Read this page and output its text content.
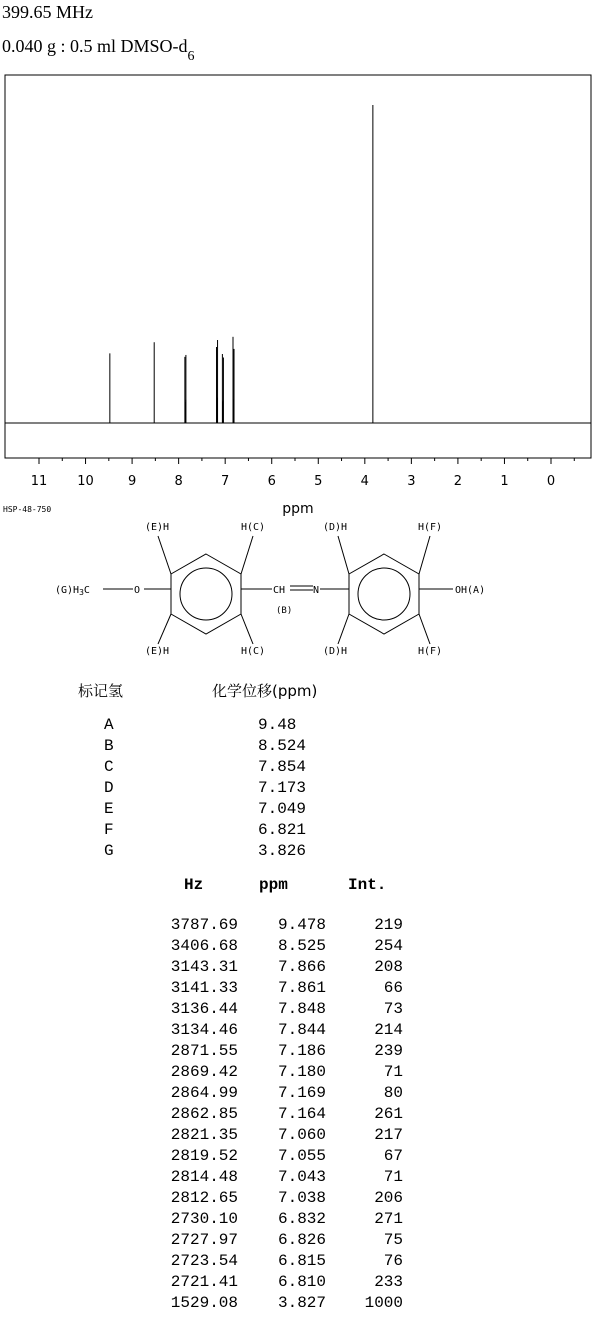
399.65 MHz
0.040 g : 0.5 ml DMSO-$d_6$
11 10	9	8	7	6	5	4	3	2	1	0
ppm
HSP-48-750
(E)H	H(C)	(D)H	H(F)
(E)H	H(C)	(D)H	H(F)
$(G)H_3C$	O	CH	N
(B)
OH(A)
标记氢	化学位移(ppm)
A	9.48
B	8.524
C	7.854
D	7.173
E	7.049
F	6.821
G	3.826
Hz	ppm	Int.
3787.69 9.478	219
3406.68 8.525	254
3143.31 7.866	208
3141.33 7.861	66
3136.44 7.848	73
3134.46 7.844	214
2871.55 7.186	239
2869.42 7.180	71
2864.99 7.169	80
2862.85 7.164	261
2821.35 7.060	217
2819.52 7.055	67
2814.48 7.043	71
2812.65 7.038	206
2730.10 6.832	271
2727.97 6.826	75
2723.54 6.815	76
2721.41 6.810	233
1529.08 3.827 1000
